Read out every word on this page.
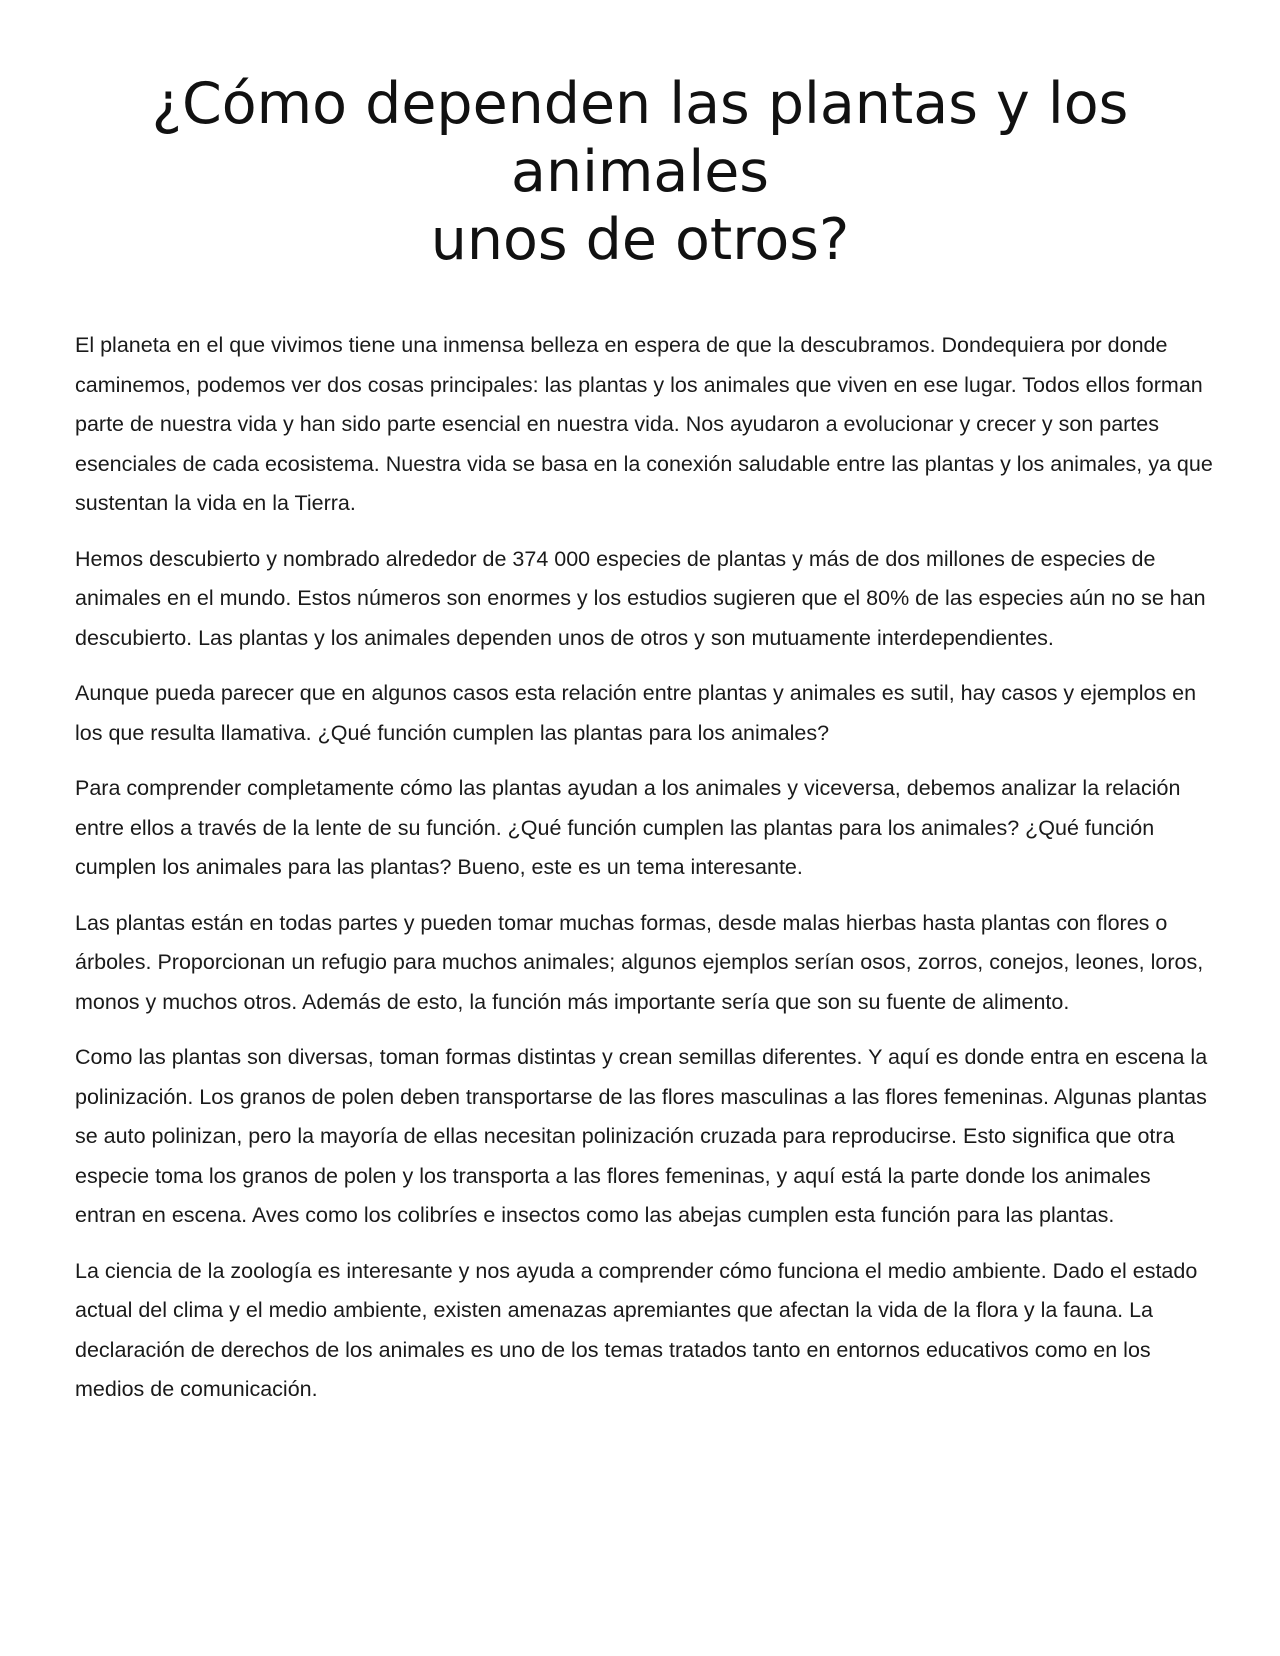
¿Cómo dependen las plantas y los
animales
unos de otros?

El planeta en el que vivimos tiene una inmensa belleza en espera de que la descubramos. Dondequiera por donde caminemos, podemos ver dos cosas principales: las plantas y los animales que viven en ese lugar. Todos ellos forman parte de nuestra vida y han sido parte esencial en nuestra vida. Nos ayudaron a evolucionar y crecer y son partes esenciales de cada ecosistema. Nuestra vida se basa en la conexión saludable entre las plantas y los animales, ya que sustentan la vida en la Tierra.

Hemos descubierto y nombrado alrededor de 374 000 especies de plantas y más de dos millones de especies de animales en el mundo. Estos números son enormes y los estudios sugieren que el 80% de las especies aún no se han descubierto. Las plantas y los animales dependen unos de otros y son mutuamente interdependientes.

Aunque pueda parecer que en algunos casos esta relación entre plantas y animales es sutil, hay casos y ejemplos en los que resulta llamativa. ¿Qué función cumplen las plantas para los animales?

Para comprender completamente cómo las plantas ayudan a los animales y viceversa, debemos analizar la relación entre ellos a través de la lente de su función. ¿Qué función cumplen las plantas para los animales? ¿Qué función cumplen los animales para las plantas? Bueno, este es un tema interesante.

Las plantas están en todas partes y pueden tomar muchas formas, desde malas hierbas hasta plantas con flores o árboles. Proporcionan un refugio para muchos animales; algunos ejemplos serían osos, zorros, conejos, leones, loros, monos y muchos otros. Además de esto, la función más importante sería que son su fuente de alimento.

Como las plantas son diversas, toman formas distintas y crean semillas diferentes. Y aquí es donde entra en escena la polinización. Los granos de polen deben transportarse de las flores masculinas a las flores femeninas. Algunas plantas se auto polinizan, pero la mayoría de ellas necesitan polinización cruzada para reproducirse. Esto significa que otra especie toma los granos de polen y los transporta a las flores femeninas, y aquí está la parte donde los animales entran en escena. Aves como los colibríes e insectos como las abejas cumplen esta función para las plantas.

La ciencia de la zoología es interesante y nos ayuda a comprender cómo funciona el medio ambiente. Dado el estado actual del clima y el medio ambiente, existen amenazas apremiantes que afectan la vida de la flora y la fauna. La declaración de derechos de los animales es uno de los temas tratados tanto en entornos educativos como en los medios de comunicación.
